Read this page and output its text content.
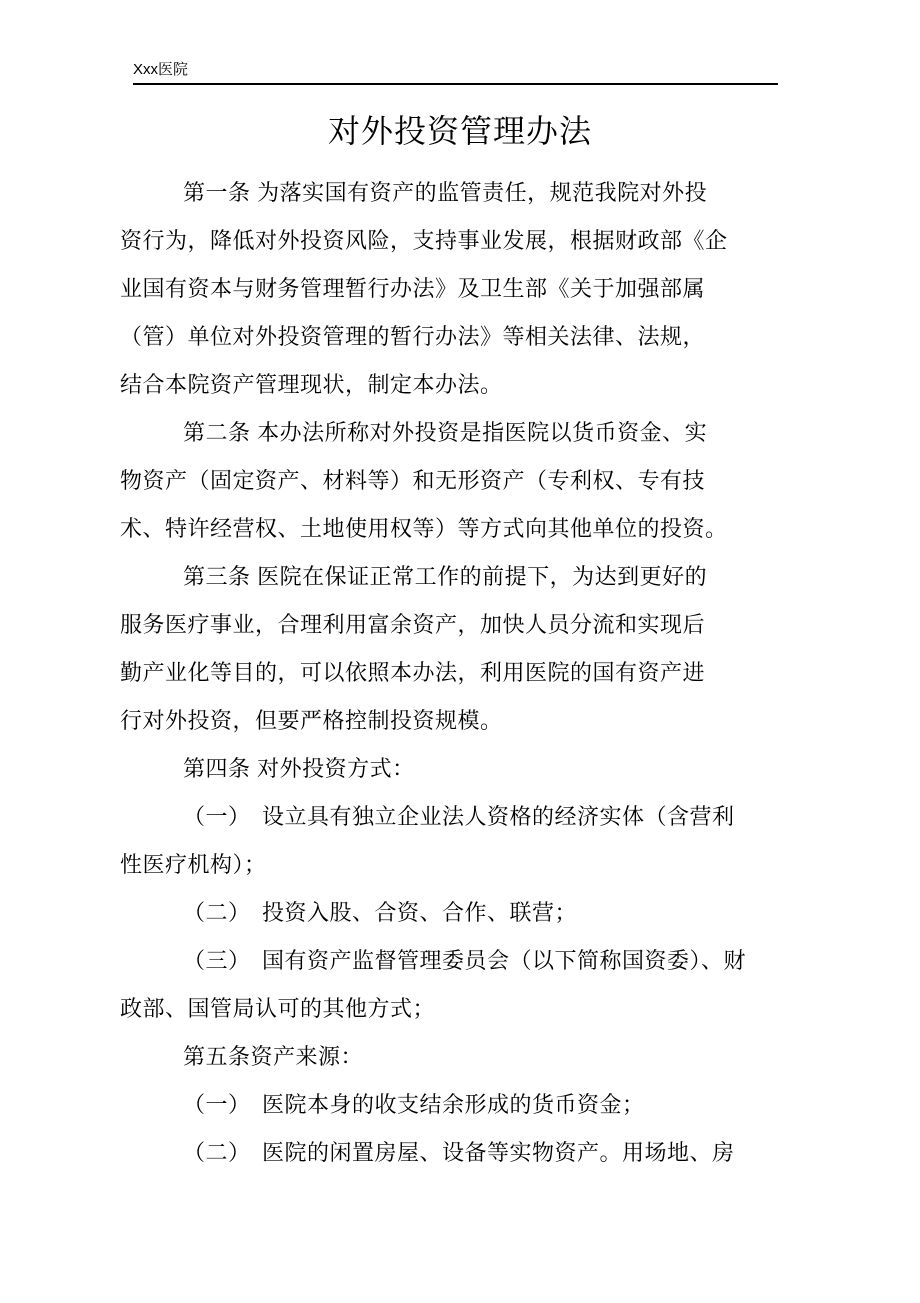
Xxx医院
对外投资管理办法
第一条 为落实国有资产的监管责任，规范我院对外投
资行为，降低对外投资风险，支持事业发展，根据财政部《企
业国有资本与财务管理暂行办法》及卫生部《关于加强部属
（管）单位对外投资管理的暂行办法》等相关法律、法规，
结合本院资产管理现状，制定本办法。
第二条 本办法所称对外投资是指医院以货币资金、实
物资产（固定资产、材料等）和无形资产（专利权、专有技
术、特许经营权、土地使用权等）等方式向其他单位的投资。
第三条 医院在保证正常工作的前提下，为达到更好的
服务医疗事业，合理利用富余资产，加快人员分流和实现后
勤产业化等目的，可以依照本办法，利用医院的国有资产进
行对外投资，但要严格控制投资规模。
第四条 对外投资方式：
（一）　设立具有独立企业法人资格的经济实体（含营利
性医疗机构）；
（二）　投资入股、合资、合作、联营；
（三）　国有资产监督管理委员会（以下简称国资委）、财
政部、国管局认可的其他方式；
第五条资产来源：
（一）　医院本身的收支结余形成的货币资金；
（二）　医院的闲置房屋、设备等实物资产。用场地、房
